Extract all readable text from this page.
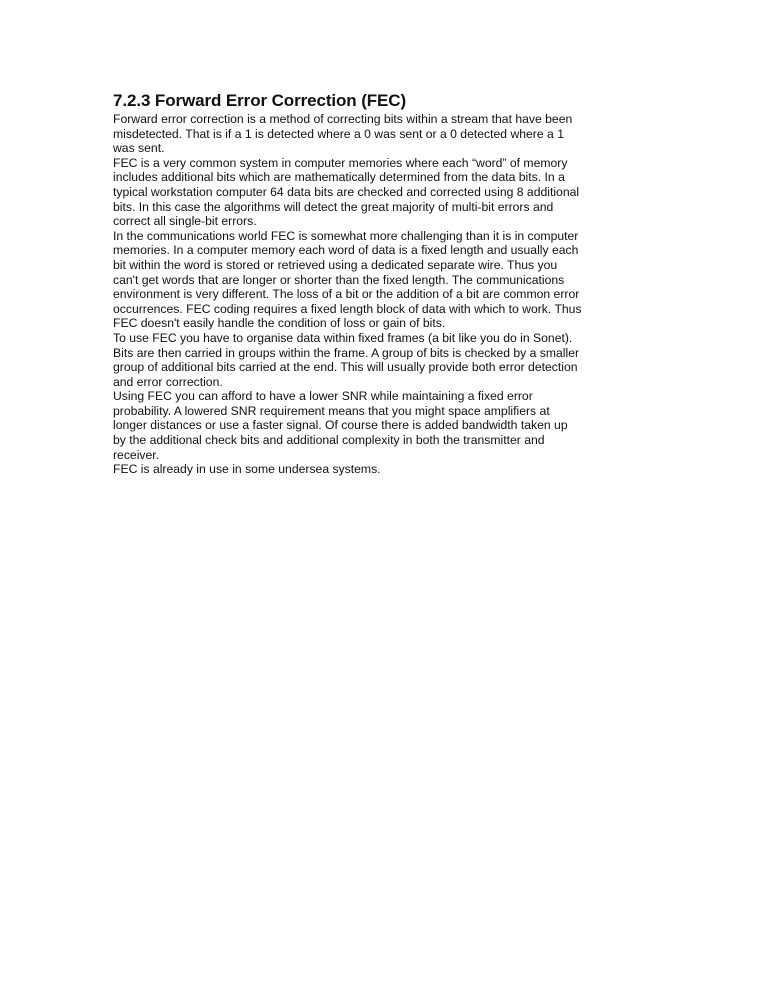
7.2.3 Forward Error Correction (FEC)

Forward error correction is a method of correcting bits within a stream that have been misdetected. That is if a 1 is detected where a 0 was sent or a 0 detected where a 1 was sent.

FEC is a very common system in computer memories where each “word” of memory includes additional bits which are mathematically determined from the data bits. In a typical workstation computer 64 data bits are checked and corrected using 8 additional bits. In this case the algorithms will detect the great majority of multi-bit errors and correct all single-bit errors.

In the communications world FEC is somewhat more challenging than it is in computer memories. In a computer memory each word of data is a fixed length and usually each bit within the word is stored or retrieved using a dedicated separate wire. Thus you can't get words that are longer or shorter than the fixed length. The communications environment is very different. The loss of a bit or the addition of a bit are common error occurrences. FEC coding requires a fixed length block of data with which to work. Thus FEC doesn't easily handle the condition of loss or gain of bits.

To use FEC you have to organise data within fixed frames (a bit like you do in Sonet). Bits are then carried in groups within the frame. A group of bits is checked by a smaller group of additional bits carried at the end. This will usually provide both error detection and error correction.

Using FEC you can afford to have a lower SNR while maintaining a fixed error probability. A lowered SNR requirement means that you might space amplifiers at longer distances or use a faster signal. Of course there is added bandwidth taken up by the additional check bits and additional complexity in both the transmitter and receiver.

FEC is already in use in some undersea systems.
